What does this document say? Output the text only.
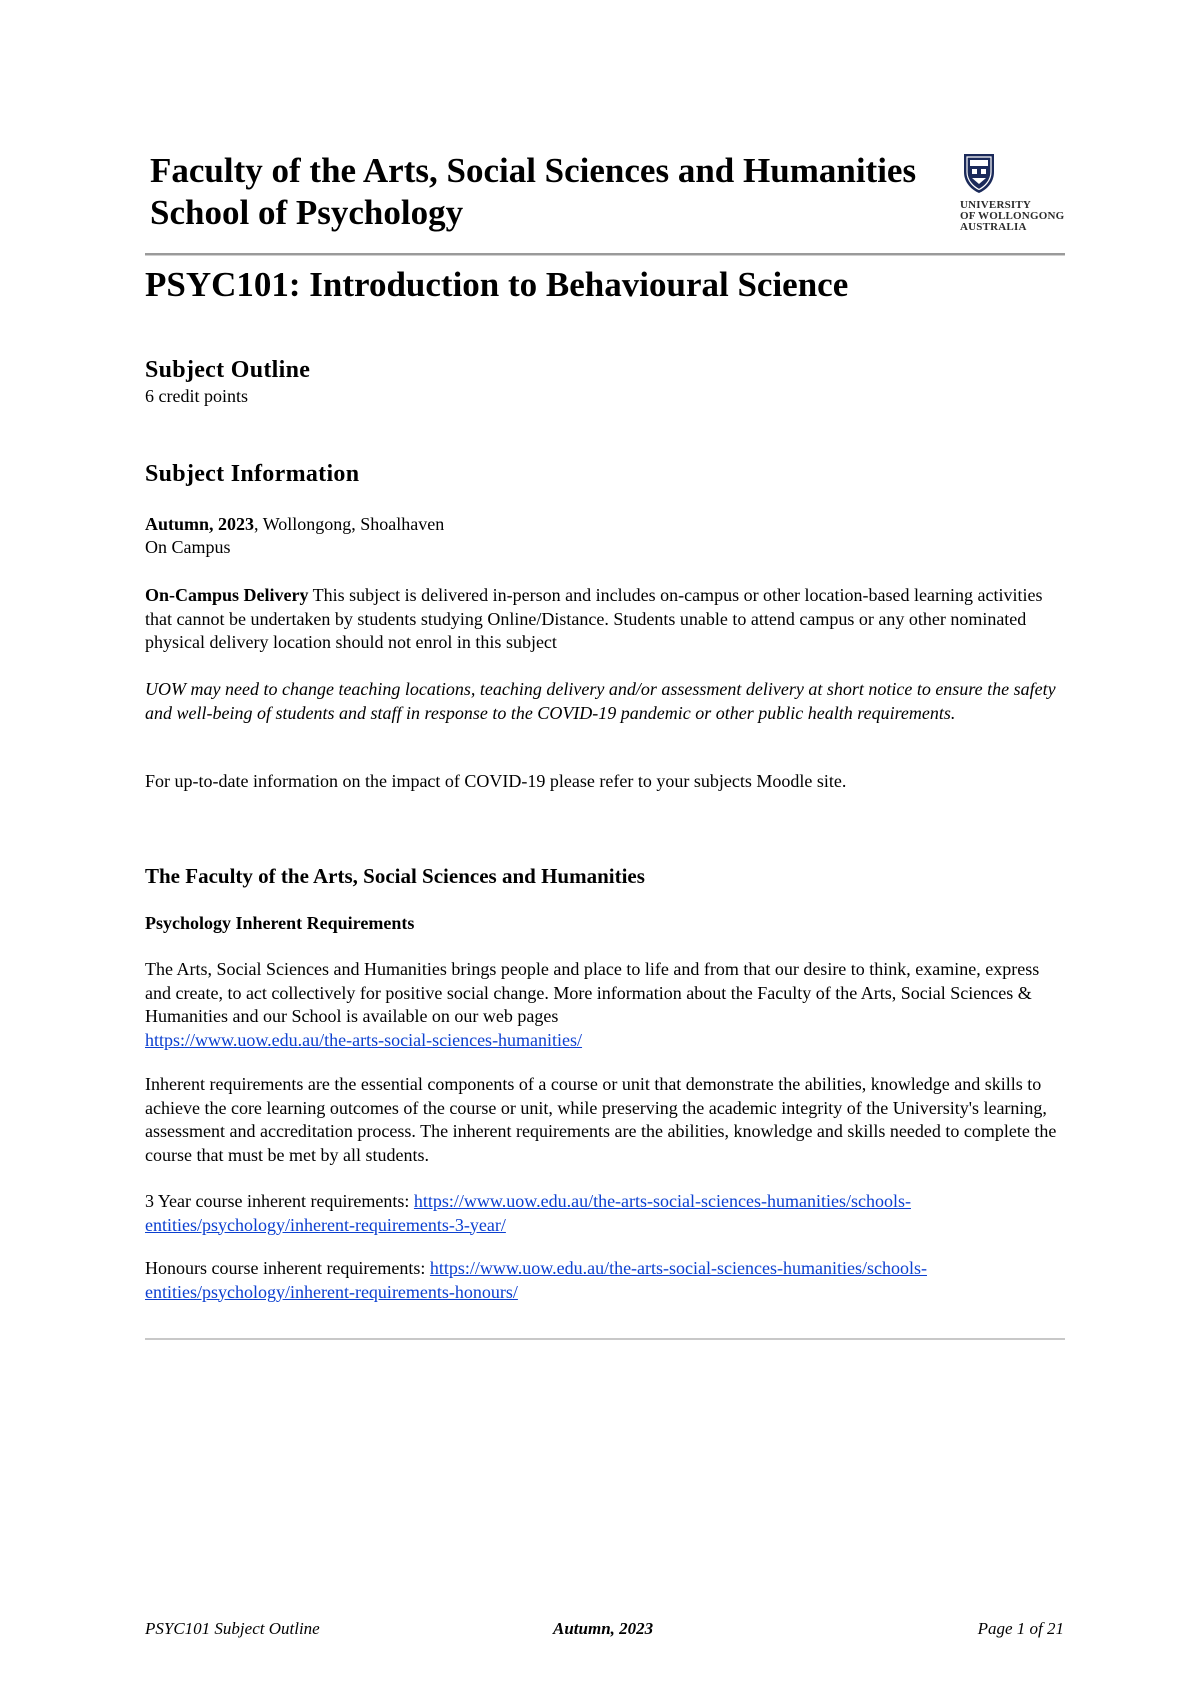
Faculty of the Arts, Social Sciences and Humanities
School of Psychology	UNIVERSITY
OF WOLLONGONG
AUSTRALIA
PSYC101: Introduction to Behavioural Science
Subject Outline

6 credit points

Subject Information

Autumn, 2023, Wollongong, Shoalhaven

On Campus

On-Campus Delivery This subject is delivered in-person and includes on-campus or other location-based learning activities that cannot be undertaken by students studying Online/Distance. Students unable to attend campus or any other nominated physical delivery location should not enrol in this subject

UOW may need to change teaching locations, teaching delivery and/or assessment delivery at short notice to ensure the safety and well-being of students and staff in response to the COVID-19 pandemic or other public health requirements.

For up-to-date information on the impact of COVID-19 please refer to your subjects Moodle site.

The Faculty of the Arts, Social Sciences and Humanities
Psychology Inherent Requirements

The Arts, Social Sciences and Humanities brings people and place to life and from that our desire to think, examine, express and create, to act collectively for positive social change. More information about the Faculty of the Arts, Social Sciences & Humanities and our School is available on our web pages
https://www.uow.edu.au/the-arts-social-sciences-humanities/

Inherent requirements are the essential components of a course or unit that demonstrate the abilities, knowledge and skills to achieve the core learning outcomes of the course or unit, while preserving the academic integrity of the University's learning, assessment and accreditation process. The inherent requirements are the abilities, knowledge and skills needed to complete the course that must be met by all students.

3 Year course inherent requirements: https://www.uow.edu.au/the-arts-social-sciences-humanities/schools-
entities/psychology/inherent-requirements-3-year/

Honours course inherent requirements: https://www.uow.edu.au/the-arts-social-sciences-humanities/schools-
entities/psychology/inherent-requirements-honours/

PSYC101 Subject Outline	Autumn, 2023	Page 1 of 21
